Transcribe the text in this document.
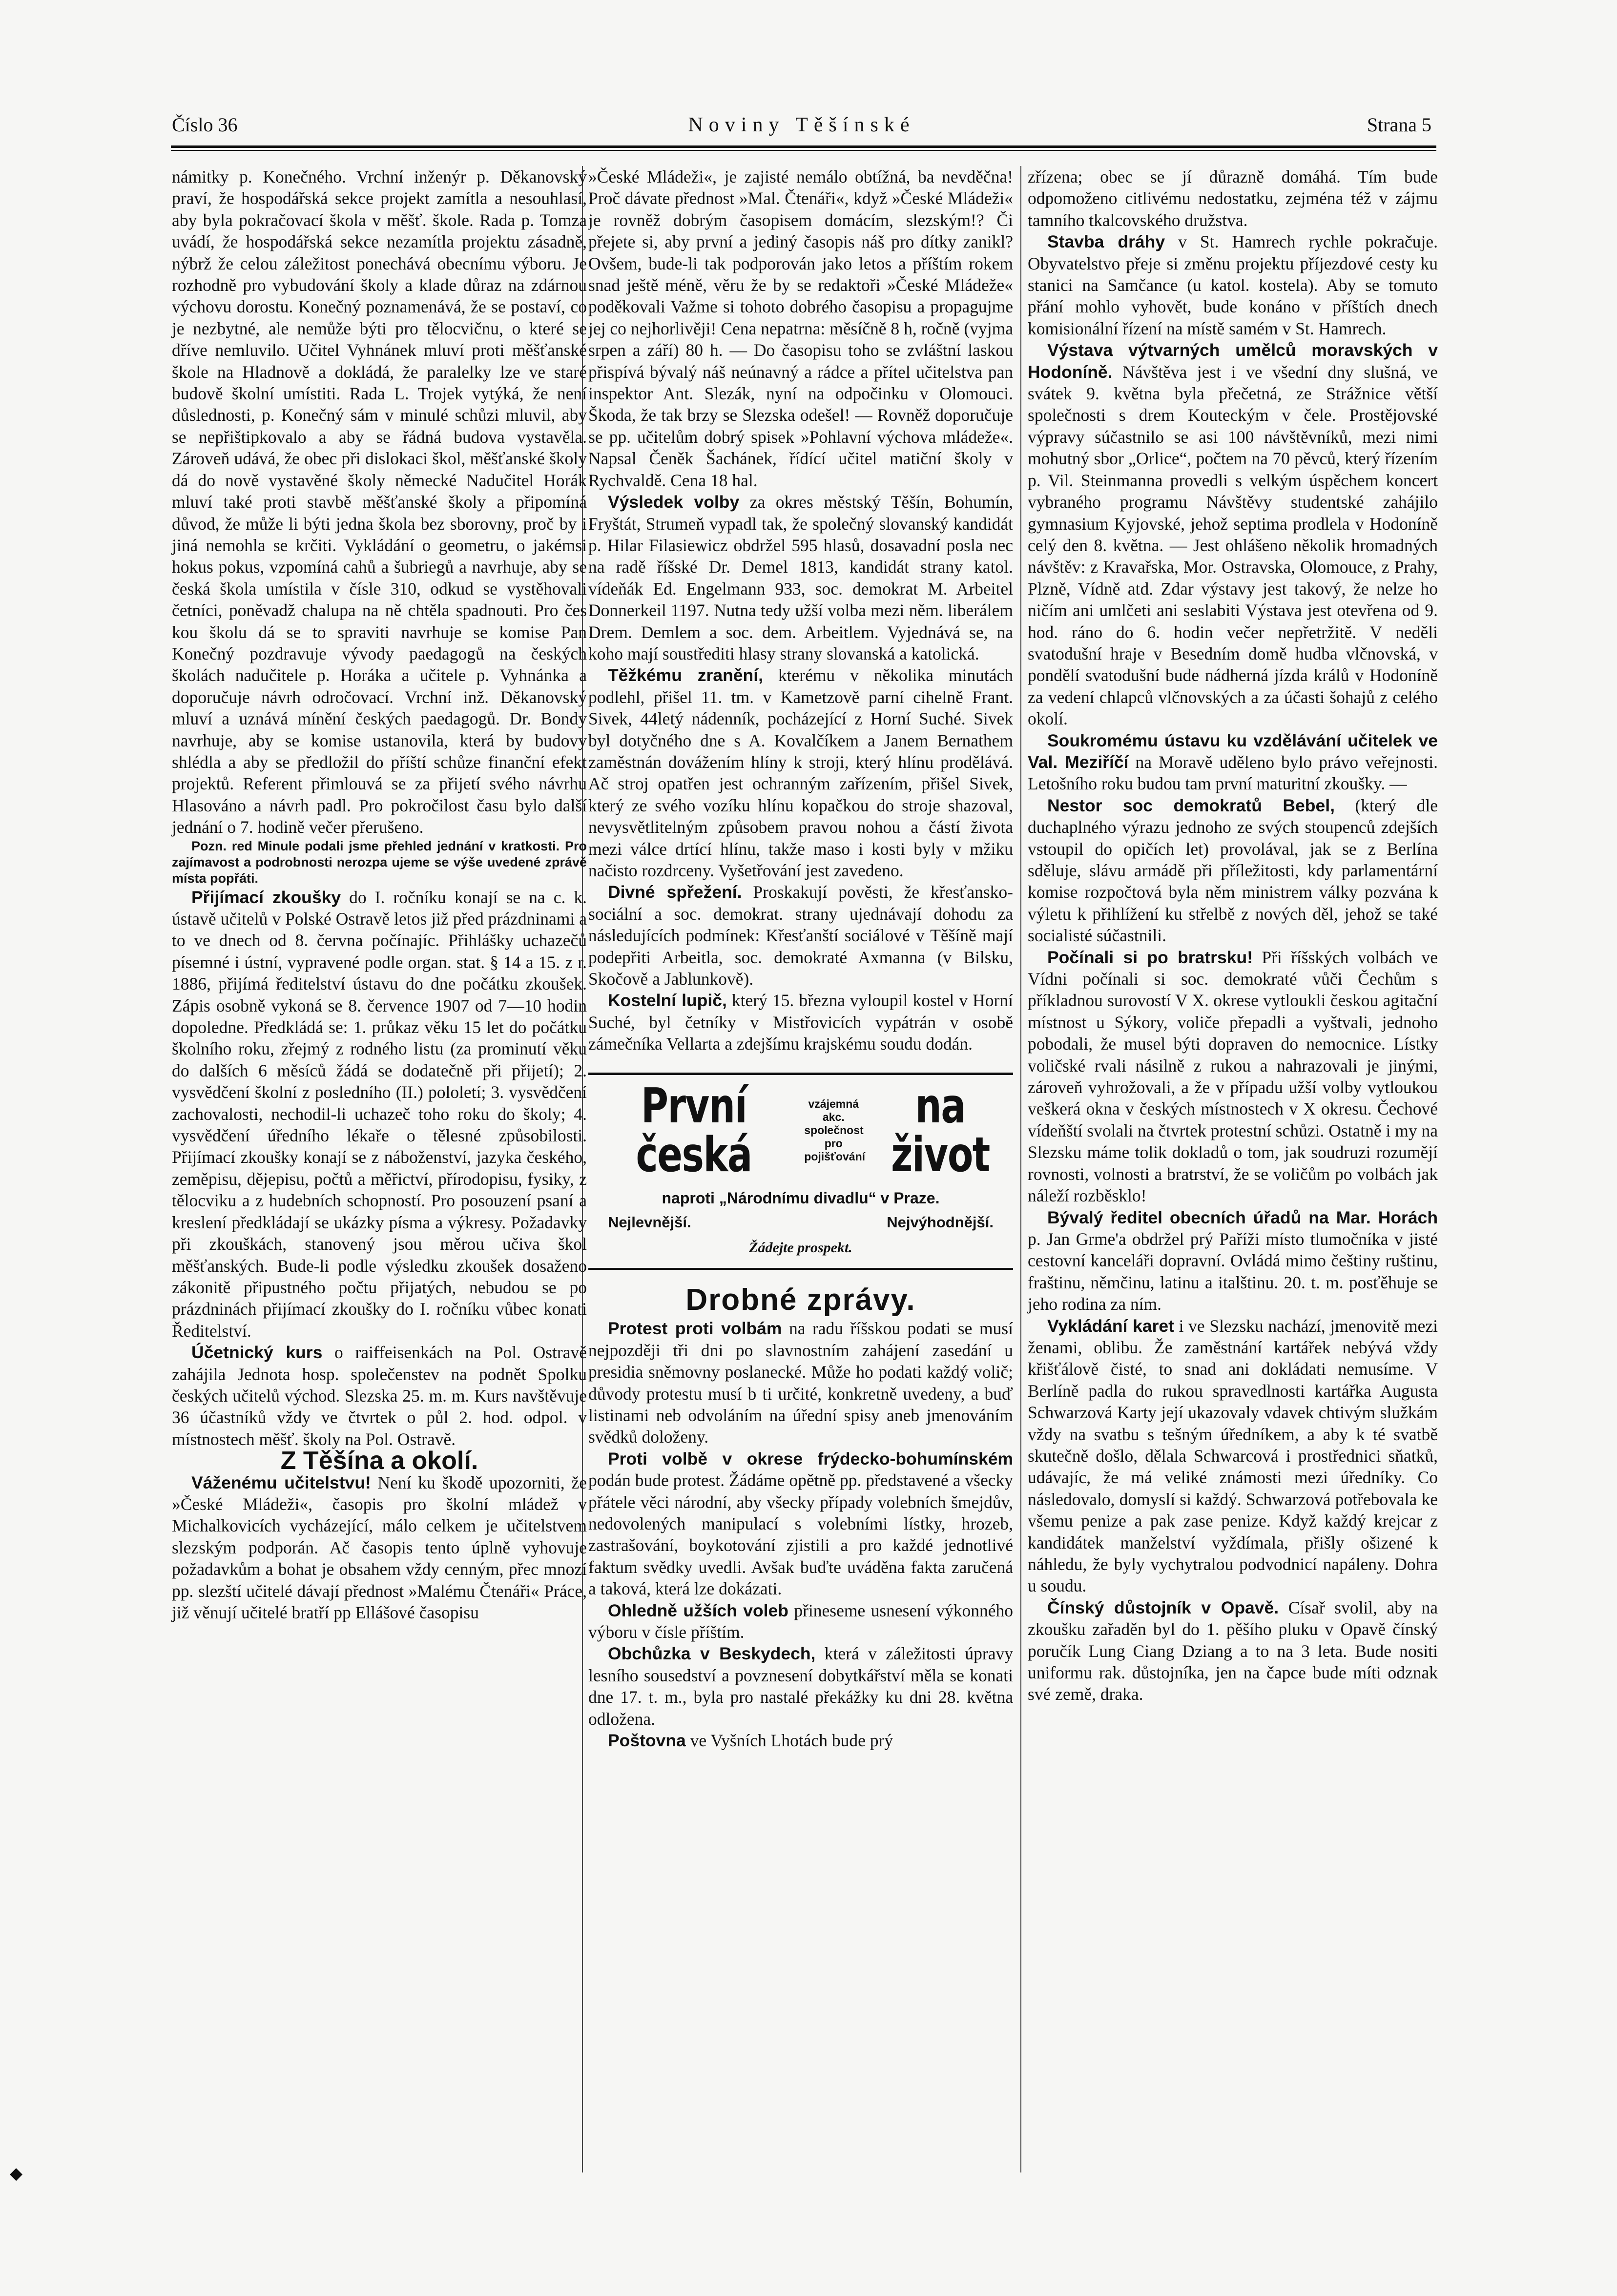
Číslo 36	Noviny Těšínské	Strana 5

námitky p. Konečného. Vrchní inženýr p. Děkanovský praví, že hospodářská sekce projekt zamítla a nesouhlasí, aby byla pokračovací škola v měšť. škole. Rada p. Tomza uvádí, že hospodářská sekce nezamítla projektu zásadně, nýbrž že celou záležitost ponechává obecnímu výboru. Je rozhodně pro vybudování školy a klade důraz na zdárnou výchovu dorostu. Konečný poznamenává, že se postaví, co je nezbytné, ale nemůže býti pro tělocvičnu, o které se dříve nemluvilo. Učitel Vyhnánek mluví proti měšťanské škole na Hladnově a dokládá, že paralelky lze ve staré budově školní umístiti. Rada L. Trojek vytýká, že není důslednosti, p. Konečný sám v minulé schůzi mluvil, aby se nepřištipkovalo a aby se řádná budova vystavěla. Zároveň udává, že obec při dislokaci škol, měšťanské školy dá do nově vystavěné školy německé Nadučitel Horák mluví také proti stavbě měšťanské školy a připomíná důvod, že může li býti jedna škola bez sborovny, proč by i jiná nemohla se krčiti. Vykládání o geometru, o jakémsi hokus pokus, vzpomíná cahů a šubriegů a navrhuje, aby se česká škola umístila v čísle 310, odkud se vystěhovali četníci, poněvadž chalupa na ně chtěla spadnouti. Pro čes kou školu dá se to spraviti navrhuje se komise Pan Konečný pozdravuje vývody paedagogů na českých školách nadučitele p. Horáka a učitele p. Vyhnánka a doporučuje návrh odročovací. Vrchní inž. Děkanovský mluví a uznává mínění českých paedagogů. Dr. Bondy navrhuje, aby se komise ustanovila, která by budovy shlédla a aby se předložil do příští schůze finanční efekt projektů. Referent přimlouvá se za přijetí svého návrhu Hlasováno a návrh padl. Pro pokročilost času bylo další jednání o 7. hodině večer přerušeno.

Pozn. red Minule podali jsme přehled jednání v kratkosti. Pro zajímavost a podrobnosti nerozpa ujeme se výše uvedené zprávě místa popřáti.

Přijímací zkoušky do I. ročníku konají se na c. k. ústavě učitelů v Polské Ostravě letos již před prázdninami a to ve dnech od 8. června počínajíc. Přihlášky uchazečů písemné i ústní, vypravené podle organ. stat. § 14 a 15. z r. 1886, přijímá ředitelství ústavu do dne počátku zkoušek. Zápis osobně vykoná se 8. července 1907 od 7—10 hodin dopoledne. Předkládá se: 1. průkaz věku 15 let do počátku školního roku, zřejmý z rodného listu (za prominutí věku do dalších 6 měsíců žádá se dodatečně při přijetí); 2. vysvědčení školní z posledního (II.) pololetí; 3. vysvědčení zachovalosti, nechodil-li uchazeč toho roku do školy; 4. vysvědčení úředního lékaře o tělesné způsobilosti. Přijímací zkoušky konají se z náboženství, jazyka českého, zeměpisu, dějepisu, počtů a měřictví, přírodopisu, fysiky, z tělocviku a z hudebních schopností. Pro posouzení psaní a kreslení předkládají se ukázky písma a výkresy. Požadavky při zkouškách, stanovený jsou měrou učiva škol měšťanských. Bude-li podle výsledku zkoušek dosaženo zákonitě připustného počtu přijatých, nebudou se po prázdninách přijímací zkoušky do I. ročníku vůbec konati Ředitelství.

Účetnický kurs o raiffeisenkách na Pol. Ostravě zahájila Jednota hosp. společenstev na podnět Spolku českých učitelů východ. Slezska 25. m. m. Kurs navštěvuje 36 účastníků vždy ve čtvrtek o půl 2. hod. odpol. v místnostech měšť. školy na Pol. Ostravě.

Z Těšína a okolí.

Váženému učitelstvu! Není ku škodě upozorniti, že »České Mládeži«, časopis pro školní mládež v Michalkovicích vycházející, málo celkem je učitelstvem slezským podporán. Ač časopis tento úplně vyhovuje požadavkům a bohat je obsahem vždy cenným, přec mnozí pp. slezští učitelé dávají přednost »Malému Čtenáři« Práce, již věnují učitelé bratří pp Ellášové časopisu

»České Mládeži«, je zajisté nemálo obtížná, ba nevděčna! Proč dávate přednost »Mal. Čtenáři«, když »České Mládeži« je rovněž dobrým časopisem domácím, slezským!? Či přejete si, aby první a jediný časopis náš pro dítky zanikl? Ovšem, bude-li tak podporován jako letos a příštím rokem snad ještě méně, věru že by se redaktoři »České Mládeže« poděkovali Važme si tohoto dobrého časopisu a propagujme jej co nejhorlivěji! Cena nepatrna: měsíčně 8 h, ročně (vyjma srpen a září) 80 h. — Do časopisu toho se zvláštní laskou přispívá bývalý náš neúnavný a rádce a přítel učitelstva pan inspektor Ant. Slezák, nyní na odpočinku v Olomouci. Škoda, že tak brzy se Slezska odešel! — Rovněž doporučuje se pp. učitelům dobrý spisek »Pohlavní výchova mládeže«. Napsal Čeněk Šachánek, řídící učitel matiční školy v Rychvaldě. Cena 18 hal.

Výsledek volby za okres městský Těšín, Bohumín, Fryštát, Strumeň vypadl tak, že společný slovanský kandidát p. Hilar Filasiewicz obdržel 595 hlasů, dosavadní posla nec na radě říšské Dr. Demel 1813, kandidát strany katol. vídeňák Ed. Engelmann 933, soc. demokrat M. Arbeitel Donnerkeil 1197. Nutna tedy užší volba mezi něm. liberálem Drem. Demlem a soc. dem. Arbeitlem. Vyjednává se, na koho mají soustřediti hlasy strany slovanská a katolická.

Těžkému zranění, kterému v několika minutách podlehl, přišel 11. tm. v Kametzově parní cihelně Frant. Sivek, 44letý nádenník, pocházející z Horní Suché. Sivek byl dotyčného dne s A. Kovalčíkem a Janem Bernathem zaměstnán dovážením hlíny k stroji, který hlínu prodělává. Ač stroj opatřen jest ochranným zařízením, přišel Sivek, který ze svého vozíku hlínu kopačkou do stroje shazoval, nevysvětlitelným způsobem pravou nohou a částí života mezi válce drtící hlínu, takže maso i kosti byly v mžiku načisto rozdrceny. Vyšetřování jest zavedeno.

Divné spřežení. Proskakují pověsti, že křesťansko-sociální a soc. demokrat. strany ujednávají dohodu za následujících podmínek: Křesťanští sociálové v Těšíně mají podepřiti Arbeitla, soc. demokraté Axmanna (v Bilsku, Skočově a Jablunkově).

Kostelní lupič, který 15. března vyloupil kostel v Horní Suché, byl četníky v Mistřovicích vypátrán v osobě zámečníka Vellarta a zdejšímu krajskému soudu dodán.

První česká
vzájemná akc. společnost pro pojišťování
na život
naproti „Národnímu divadlu“ v Praze.
Nejlevnější.	Nejvýhodnější.
Žádejte prospekt.
Drobné zprávy.

Protest proti volbám na radu říšskou podati se musí nejpozději tři dni po slavnostním zahájení zasedání u presidia sněmovny poslanecké. Může ho podati každý volič; důvody protestu musí b ti určité, konkretně uvedeny, a buď listinami neb odvoláním na úřední spisy aneb jmenováním svědků doloženy.

Proti volbě v okrese frýdecko-bohumínském podán bude protest. Žádáme opětně pp. představené a všecky přátele věci národní, aby všecky případy volebních šmejdův, nedovolených manipulací s volebními lístky, hrozeb, zastrašování, boykotování zjistili a pro každé jednotlivé faktum svědky uvedli. Avšak buďte uváděna fakta zaručená a taková, která lze dokázati.

Ohledně užších voleb přineseme usnesení výkonného výboru v čísle příštím.

Obchůzka v Beskydech, která v záležitosti úpravy lesního sousedství a povznesení dobytkářství měla se konati dne 17. t. m., byla pro nastalé překážky ku dni 28. května odložena.

Poštovna ve Vyšních Lhotách bude prý

zřízena; obec se jí důrazně domáhá. Tím bude odpomoženo citlivému nedostatku, zejména též v zájmu tamního tkalcovského družstva.

Stavba dráhy v St. Hamrech rychle pokračuje. Obyvatelstvo přeje si změnu projektu příjezdové cesty ku stanici na Samčance (u katol. kostela). Aby se tomuto přání mohlo vyhovět, bude konáno v příštích dnech komisionální řízení na místě samém v St. Hamrech.

Výstava výtvarných umělců moravských v Hodoníně. Návštěva jest i ve všední dny slušná, ve svátek 9. května byla přečetná, ze Strážnice větší společnosti s drem Kouteckým v čele. Prostějovské výpravy súčastnilo se asi 100 návštěvníků, mezi nimi mohutný sbor „Orlice“, počtem na 70 pěvců, který řízením p. Vil. Steinmanna provedli s velkým úspěchem koncert vybraného programu Návštěvy studentské zahájilo gymnasium Kyjovské, jehož septima prodlela v Hodoníně celý den 8. května. — Jest ohlášeno několik hromadných návštěv: z Kravařska, Mor. Ostravska, Olomouce, z Prahy, Plzně, Vídně atd. Zdar výstavy jest takový, že nelze ho ničím ani umlčeti ani seslabiti Výstava jest otevřena od 9. hod. ráno do 6. hodin večer nepřetržitě. V neděli svatodušní hraje v Besedním domě hudba vlčnovská, v pondělí svatodušní bude nádherná jízda králů v Hodoníně za vedení chlapců vlčnovských a za účasti šohajů z celého okolí.

Soukromému ústavu ku vzdělávání učitelek ve Val. Meziříčí na Moravě uděleno bylo právo veřejnosti. Letošního roku budou tam první maturitní zkoušky. —

Nestor soc demokratů Bebel, (který dle duchaplného výrazu jednoho ze svých stoupenců zdejších vstoupil do opičích let) provolával, jak se z Berlína sděluje, slávu armádě při příležitosti, kdy parlamentární komise rozpočtová byla něm ministrem války pozvána k výletu k přihlížení ku střelbě z nových děl, jehož se také socialisté súčastnili.

Počínali si po bratrsku! Při říšských volbách ve Vídni počínali si soc. demokraté vůči Čechům s příkladnou surovostí V X. okrese vytloukli českou agitační místnost u Sýkory, voliče přepadli a vyštvali, jednoho pobodali, že musel býti dopraven do nemocnice. Lístky voličské rvali násilně z rukou a nahrazovali je jinými, zároveň vyhrožovali, a že v případu užší volby vytloukou veškerá okna v českých místnostech v X okresu. Čechové vídeňští svolali na čtvrtek protestní schůzi. Ostatně i my na Slezsku máme tolik dokladů o tom, jak soudruzi rozumějí rovnosti, volnosti a bratrství, že se voličům po volbách jak náleží rozběsklo!

Bývalý ředitel obecních úřadů na Mar. Horách p. Jan Grme'a obdržel prý Paříži místo tlumočníka v jisté cestovní kanceláři dopravní. Ovládá mimo češtiny ruštinu, fraštinu, němčinu, latinu a italštinu. 20. t. m. posťěhuje se jeho rodina za ním.

Vykládání karet i ve Slezsku nachází, jmenovitě mezi ženami, oblibu. Že zaměstnání kartářek nebývá vždy křišťálově čisté, to snad ani dokládati nemusíme. V Berlíně padla do rukou spravedlnosti kartářka Augusta Schwarzová Karty její ukazovaly vdavek chtivým služkám vždy na svatbu s tešným úředníkem, a aby k té svatbě skutečně došlo, dělala Schwarcová i prostřednici sňatků, udávajíc, že má veliké známosti mezi úředníky. Co následovalo, domyslí si každý. Schwarzová potřebovala ke všemu penize a pak zase penize. Když každý krejcar z kandidátek manželství vyždímala, přišly ošizené k náhledu, že byly vychytralou podvodnicí napáleny. Dohra u soudu.

Čínský důstojník v Opavě. Císař svolil, aby na zkoušku zařaděn byl do 1. pěšího pluku v Opavě čínský poručík Lung Ciang Dziang a to na 3 leta. Bude nositi uniformu rak. důstojníka, jen na čapce bude míti odznak své země, draka.

◆
